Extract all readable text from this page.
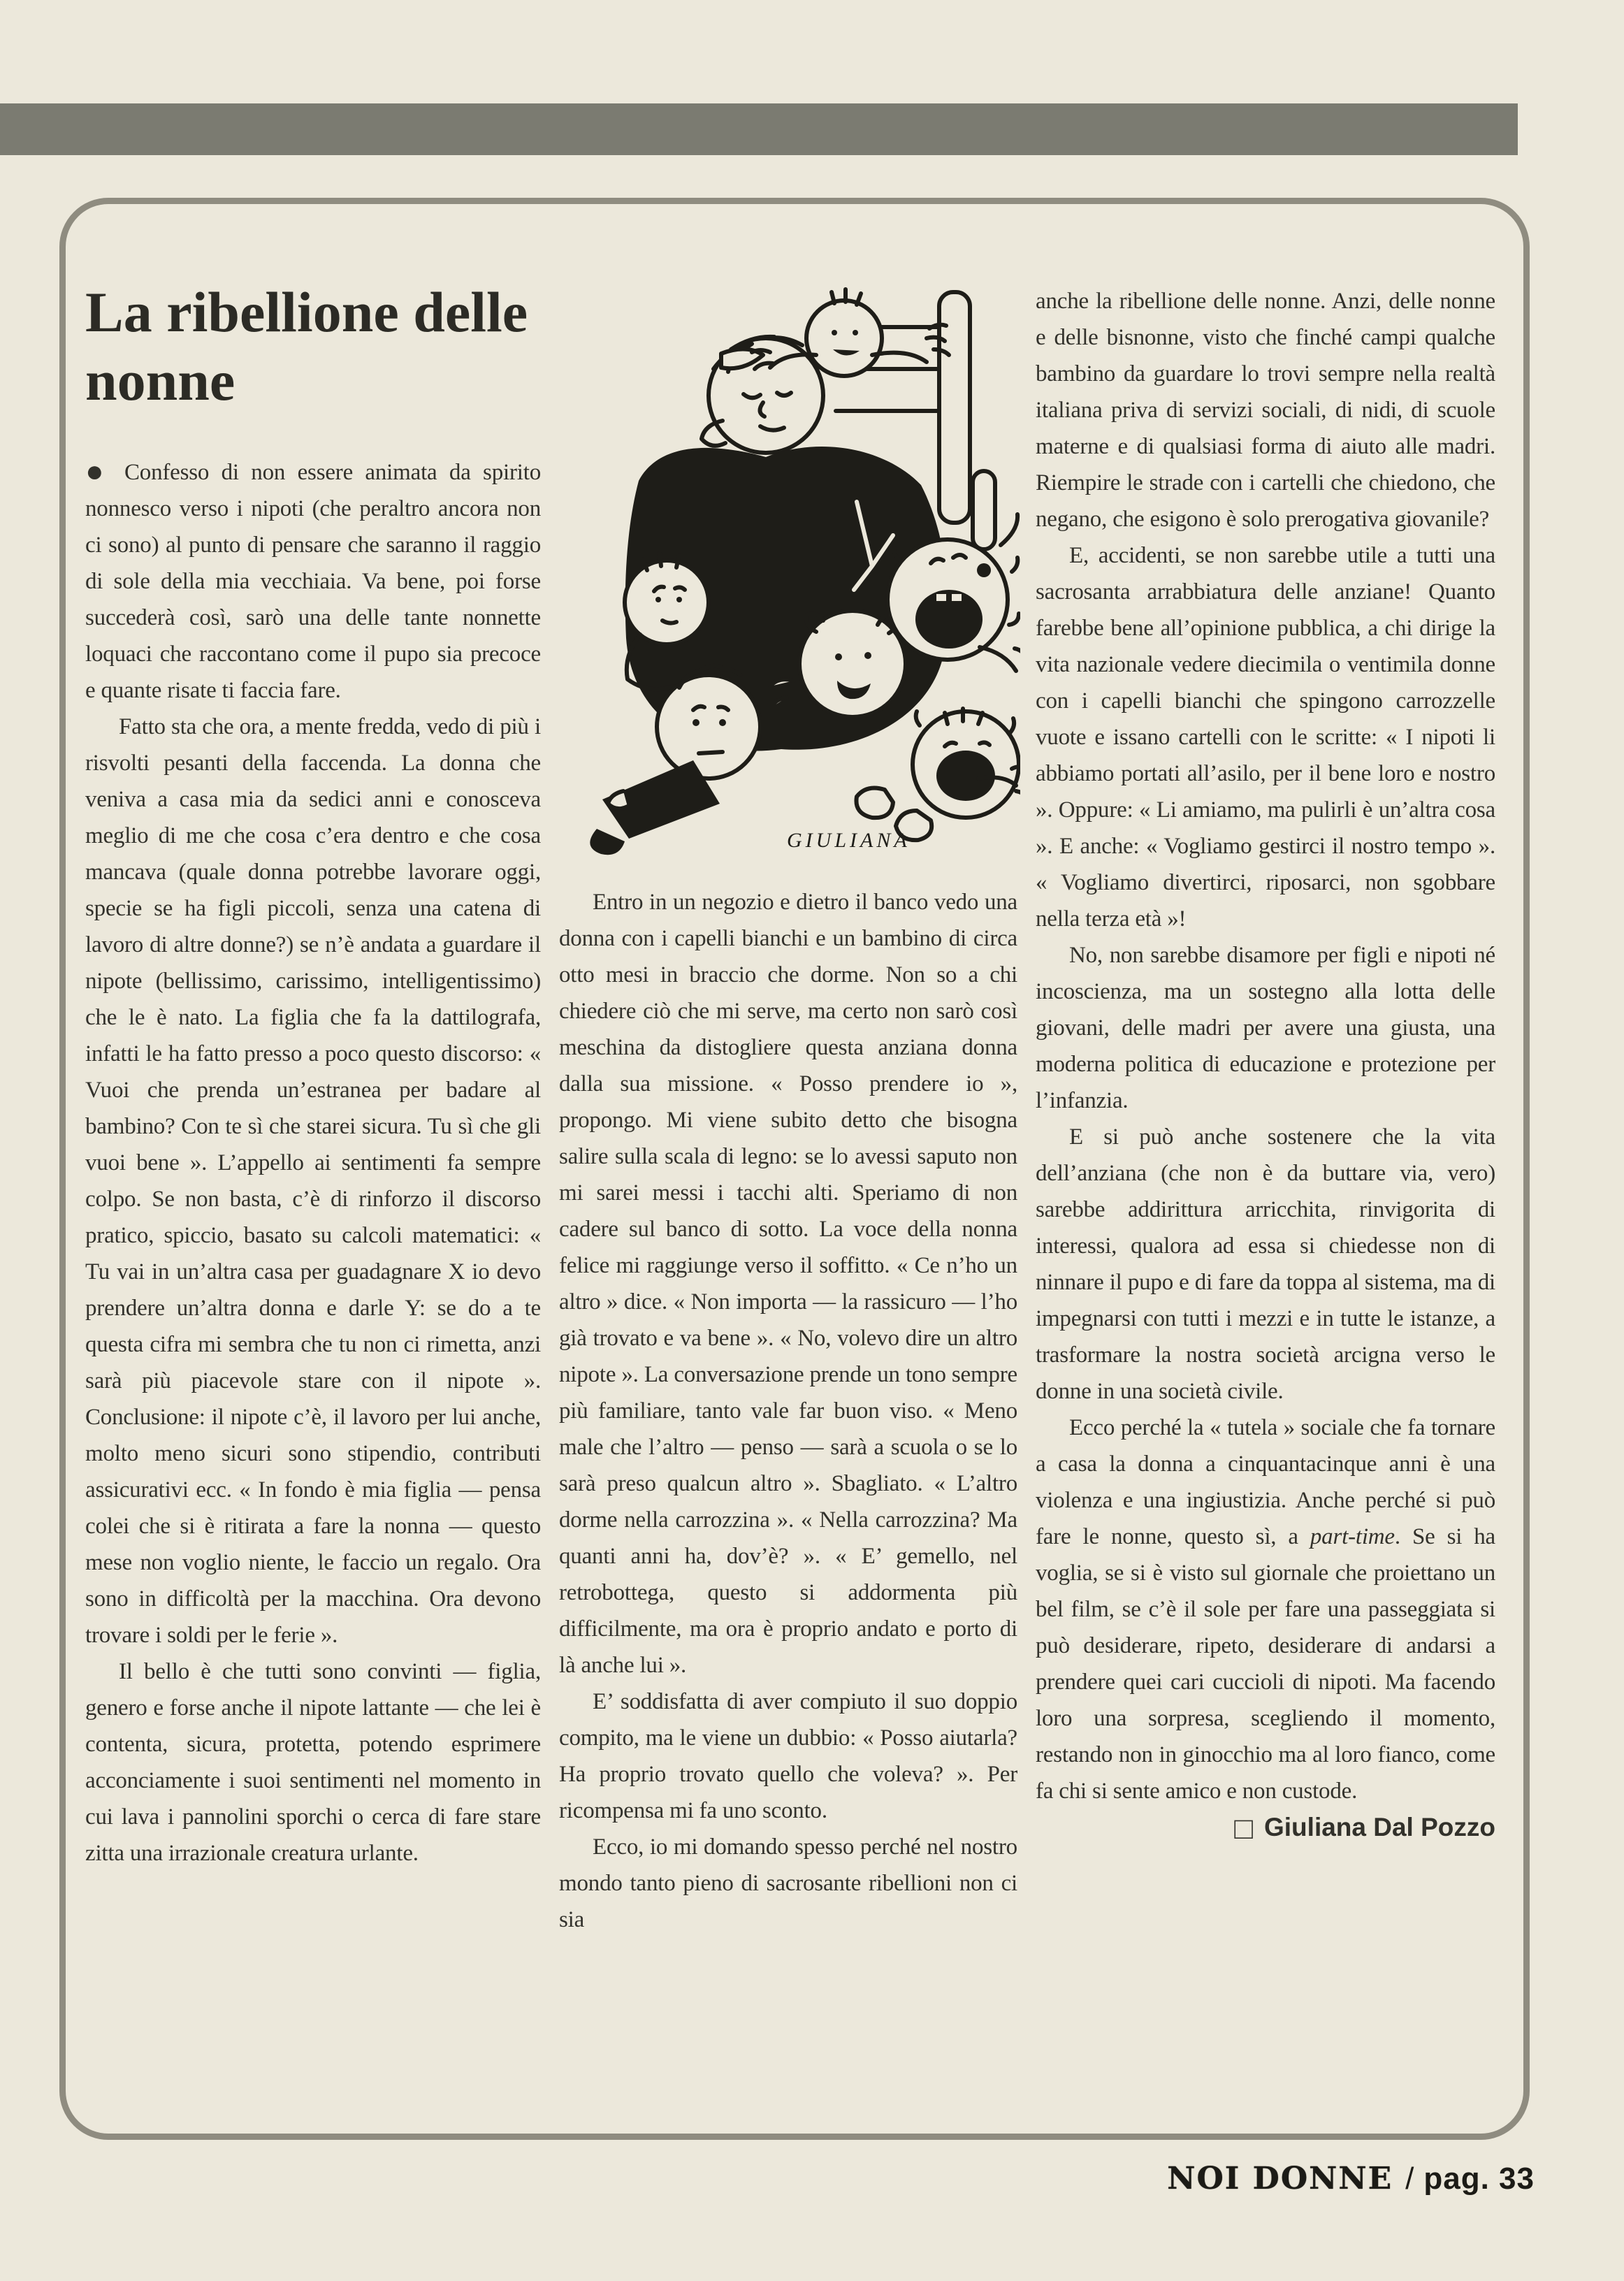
La ribellione delle nonne

● Confesso di non essere animata da spirito nonnesco verso i nipoti (che peraltro ancora non ci sono) al punto di pensare che saranno il raggio di sole della mia vecchiaia. Va bene, poi forse succederà così, sarò una delle tante nonnette loquaci che raccontano come il pupo sia precoce e quante risate ti faccia fare.

Fatto sta che ora, a mente fredda, vedo di più i risvolti pesanti della faccenda. La donna che veniva a casa mia da sedici anni e conosceva meglio di me che cosa c’era dentro e che cosa mancava (quale donna potrebbe lavorare oggi, specie se ha figli piccoli, senza una catena di lavoro di altre donne?) se n’è andata a guardare il nipote (bellissimo, carissimo, intelligentissimo) che le è nato. La figlia che fa la dattilografa, infatti le ha fatto presso a poco questo discorso: « Vuoi che prenda un’estranea per badare al bambino? Con te sì che starei sicura. Tu sì che gli vuoi bene ». L’appello ai sentimenti fa sempre colpo. Se non basta, c’è di rinforzo il discorso pratico, spiccio, basato su calcoli matematici: « Tu vai in un’altra casa per guadagnare X io devo prendere un’altra donna e darle Y: se do a te questa cifra mi sembra che tu non ci rimetta, anzi sarà più piacevole stare con il nipote ». Conclusione: il nipote c’è, il lavoro per lui anche, molto meno sicuri sono stipendio, contributi assicurativi ecc. « In fondo è mia figlia — pensa colei che si è ritirata a fare la nonna — questo mese non voglio niente, le faccio un regalo. Ora sono in difficoltà per la macchina. Ora devono trovare i soldi per le ferie ».

Il bello è che tutti sono convinti — figlia, genero e forse anche il nipote lattante — che lei è contenta, sicura, protetta, potendo esprimere acconciamente i suoi sentimenti nel momento in cui lava i pannolini sporchi o cerca di fare stare zitta una irrazionale creatura urlante.

GIULIANA

Entro in un negozio e dietro il banco vedo una donna con i capelli bianchi e un bambino di circa otto mesi in braccio che dorme. Non so a chi chiedere ciò che mi serve, ma certo non sarò così meschina da distogliere questa anziana donna dalla sua missione. « Posso prendere io », propongo. Mi viene subito detto che bisogna salire sulla scala di legno: se lo avessi saputo non mi sarei messi i tacchi alti. Speriamo di non cadere sul banco di sotto. La voce della nonna felice mi raggiunge verso il soffitto. « Ce n’ho un altro » dice. « Non importa — la rassicuro — l’ho già trovato e va bene ». « No, volevo dire un altro nipote ». La conversazione prende un tono sempre più familiare, tanto vale far buon viso. « Meno male che l’altro — penso — sarà a scuola o se lo sarà preso qualcun altro ». Sbagliato. « L’altro dorme nella carrozzina ». « Nella carrozzina? Ma quanti anni ha, dov’è? ». « E’ gemello, nel retrobottega, questo si addormenta più difficilmente, ma ora è proprio andato e porto di là anche lui ».

E’ soddisfatta di aver compiuto il suo doppio compito, ma le viene un dubbio: « Posso aiutarla? Ha proprio trovato quello che voleva? ». Per ricompensa mi fa uno sconto.

Ecco, io mi domando spesso perché nel nostro mondo tanto pieno di sacrosante ribellioni non ci sia

anche la ribellione delle nonne. Anzi, delle nonne e delle bisnonne, visto che finché campi qualche bambino da guardare lo trovi sempre nella realtà italiana priva di servizi sociali, di nidi, di scuole materne e di qualsiasi forma di aiuto alle madri. Riempire le strade con i cartelli che chiedono, che negano, che esigono è solo prerogativa giovanile?

E, accidenti, se non sarebbe utile a tutti una sacrosanta arrabbiatura delle anziane! Quanto farebbe bene all’opinione pubblica, a chi dirige la vita nazionale vedere diecimila o ventimila donne con i capelli bianchi che spingono carrozzelle vuote e issano cartelli con le scritte: « I nipoti li abbiamo portati all’asilo, per il bene loro e nostro ». Oppure: « Li amiamo, ma pulirli è un’altra cosa ». E anche: « Vogliamo gestirci il nostro tempo ». « Vogliamo divertirci, riposarci, non sgobbare nella terza età »!

No, non sarebbe disamore per figli e nipoti né incoscienza, ma un sostegno alla lotta delle giovani, delle madri per avere una giusta, una moderna politica di educazione e protezione per l’infanzia.

E si può anche sostenere che la vita dell’anziana (che non è da buttare via, vero) sarebbe addirittura arricchita, rinvigorita di interessi, qualora ad essa si chiedesse non di ninnare il pupo e di fare da toppa al sistema, ma di impegnarsi con tutti i mezzi e in tutte le istanze, a trasformare la nostra società arcigna verso le donne in una società civile.

Ecco perché la « tutela » sociale che fa tornare a casa la donna a cinquantacinque anni è una violenza e una ingiustizia. Anche perché si può fare le nonne, questo sì, a part-time. Se si ha voglia, se si è visto sul giornale che proiettano un bel film, se c’è il sole per fare una passeggiata si può desiderare, ripeto, desiderare di andarsi a prendere quei cari cuccioli di nipoti. Ma facendo loro una sorpresa, scegliendo il momento, restando non in ginocchio ma al loro fianco, come fa chi si sente amico e non custode.

□ Giuliana Dal Pozzo

NOI DONNE / pag. 33
